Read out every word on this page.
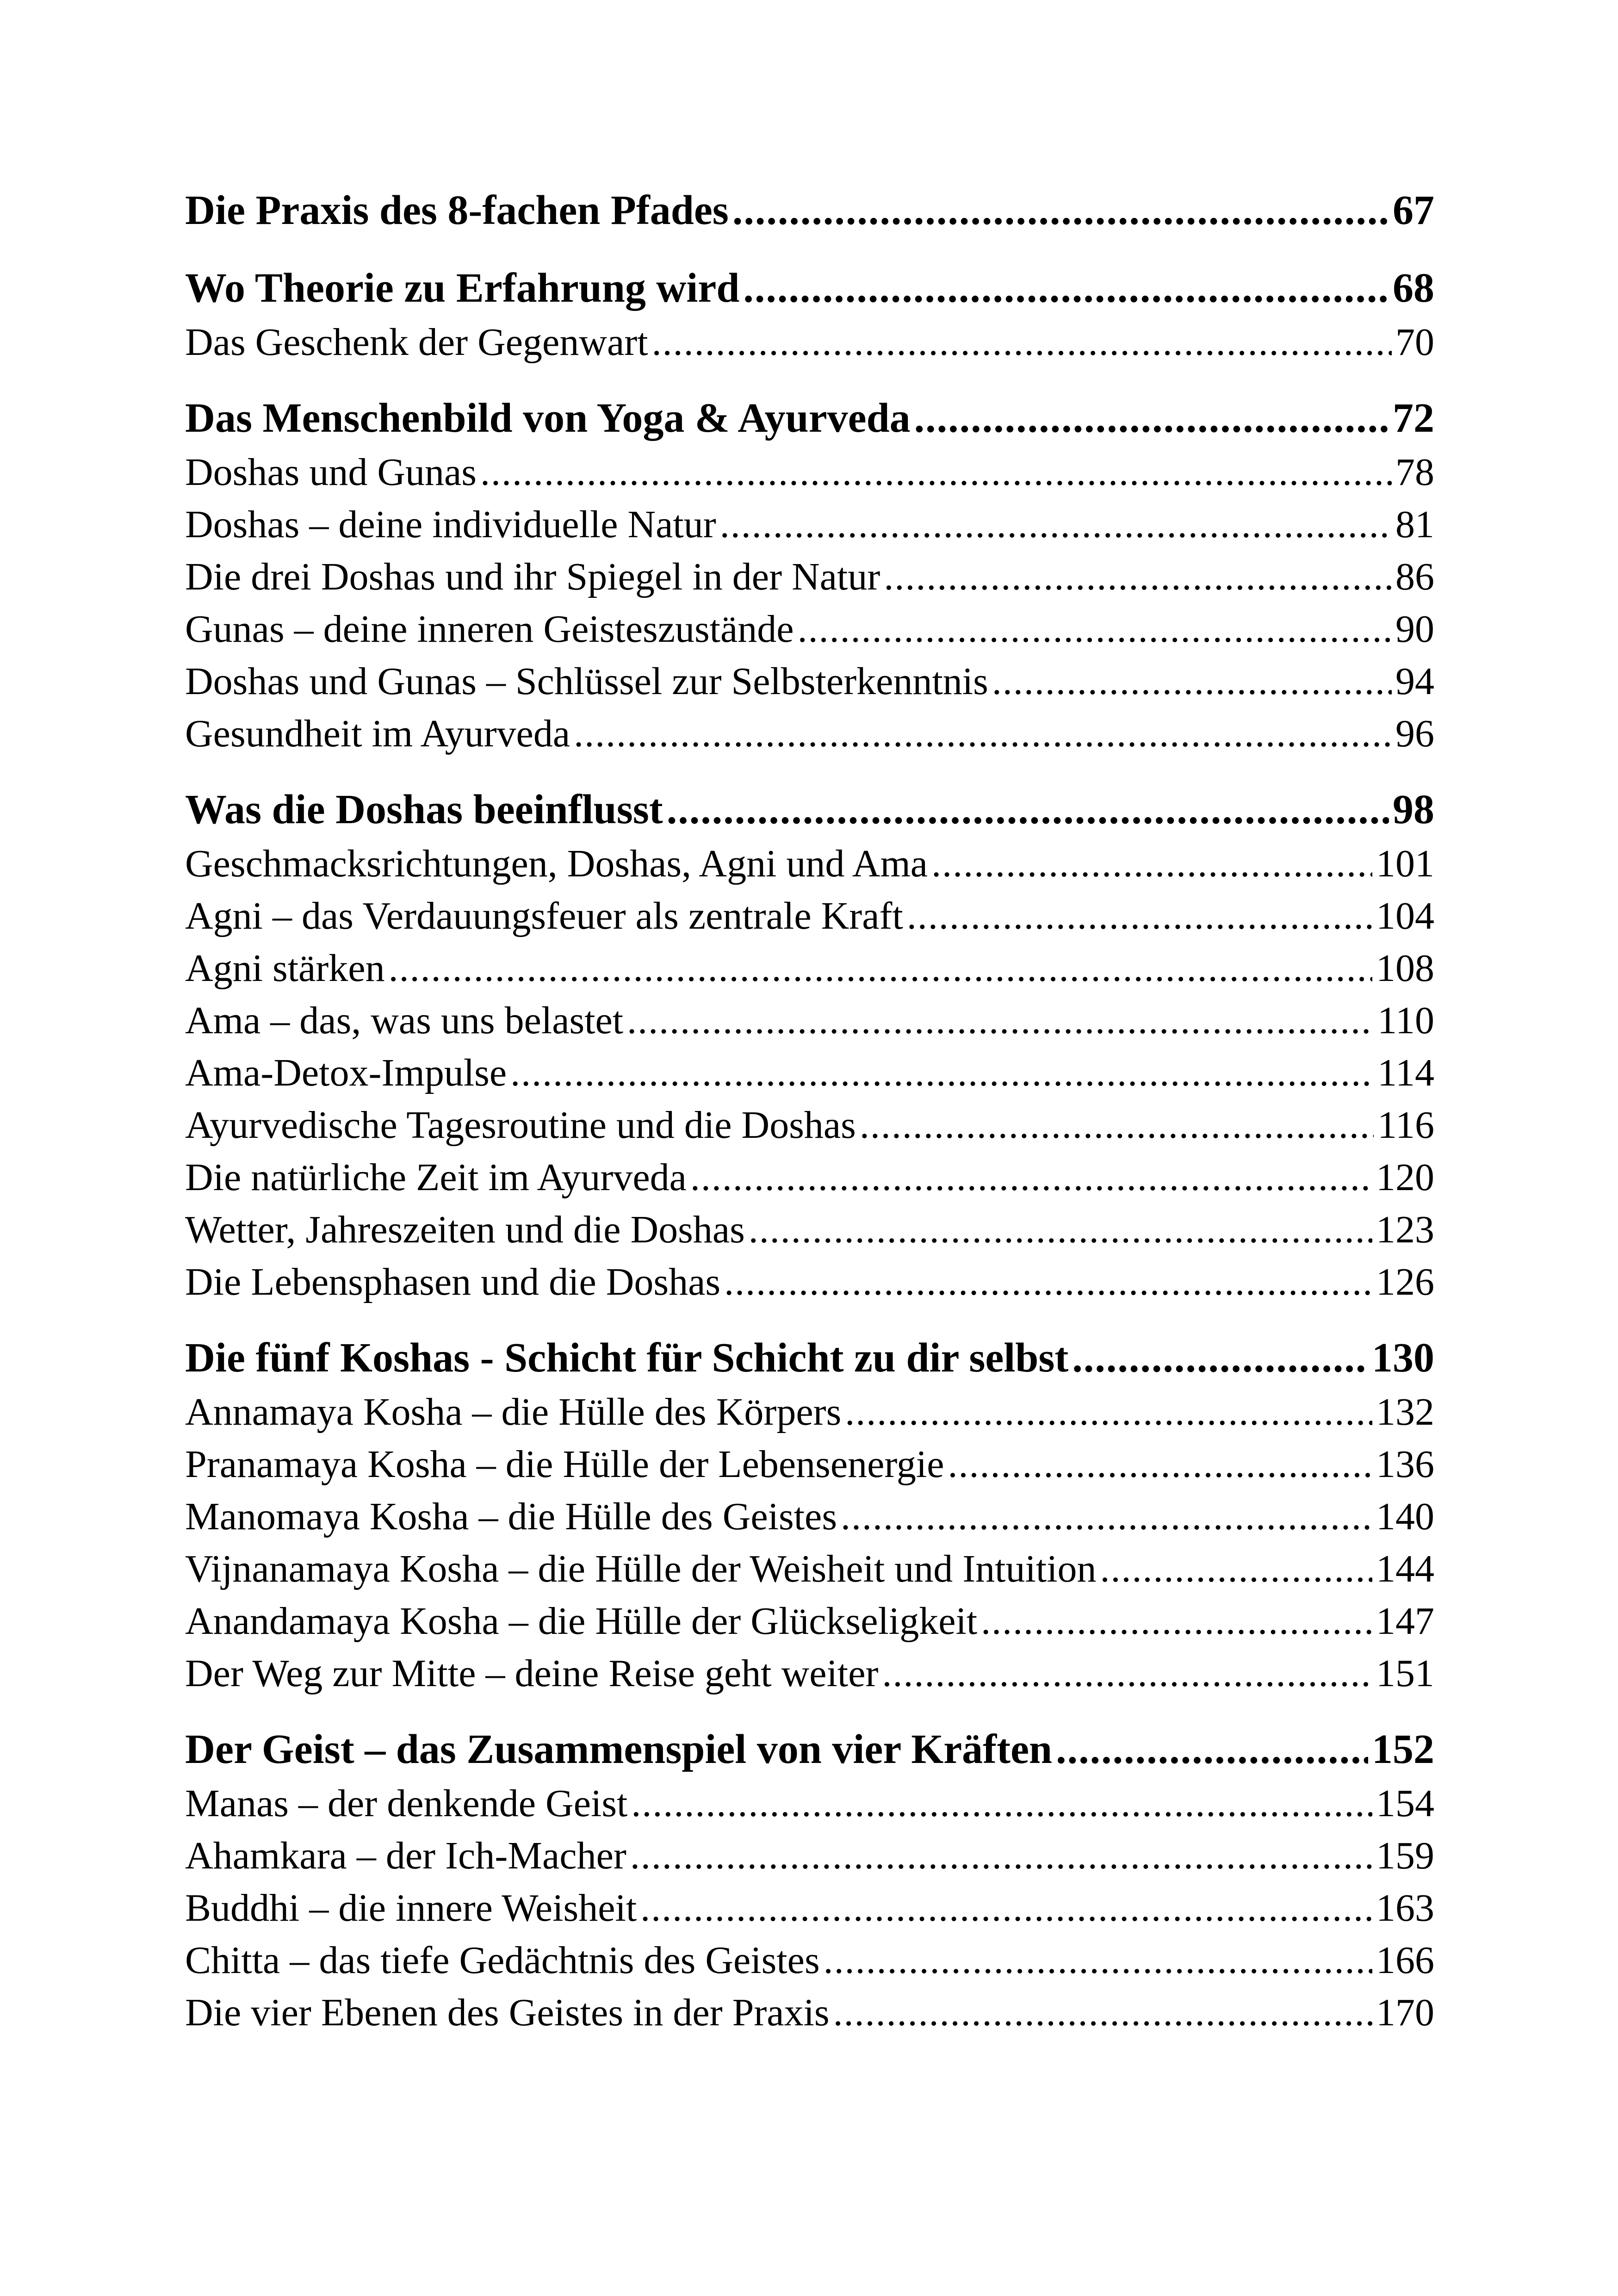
Die Praxis des 8-fachen Pfades .....	67
Wo Theorie zu Erfahrung wird .....	68
Das Geschenk der Gegenwart .....	70
Das Menschenbild von Yoga & Ayurveda .....	72
Doshas und Gunas .....	78
Doshas – deine individuelle Natur .....	81
Die drei Doshas und ihr Spiegel in der Natur .....	86
Gunas – deine inneren Geisteszustände .....	90
Doshas und Gunas – Schlüssel zur Selbsterkenntnis .....	94
Gesundheit im Ayurveda .....	96
Was die Doshas beeinflusst .....	98
Geschmacksrichtungen, Doshas, Agni und Ama .....	101
Agni – das Verdauungsfeuer als zentrale Kraft .....	104
Agni stärken .....	108
Ama – das, was uns belastet .....	110
Ama-Detox-Impulse .....	114
Ayurvedische Tagesroutine und die Doshas .....	116
Die natürliche Zeit im Ayurveda .....	120
Wetter, Jahreszeiten und die Doshas .....	123
Die Lebensphasen und die Doshas .....	126
Die fünf Koshas - Schicht für Schicht zu dir selbst .....	130
Annamaya Kosha – die Hülle des Körpers .....	132
Pranamaya Kosha – die Hülle der Lebensenergie .....	136
Manomaya Kosha – die Hülle des Geistes .....	140
Vijnanamaya Kosha – die Hülle der Weisheit und Intuition .....	144
Anandamaya Kosha – die Hülle der Glückseligkeit .....	147
Der Weg zur Mitte – deine Reise geht weiter .....	151
Der Geist – das Zusammenspiel von vier Kräften .....	152
Manas – der denkende Geist .....	154
Ahamkara – der Ich-Macher .....	159
Buddhi – die innere Weisheit .....	163
Chitta – das tiefe Gedächtnis des Geistes .....	166
Die vier Ebenen des Geistes in der Praxis .....	170
